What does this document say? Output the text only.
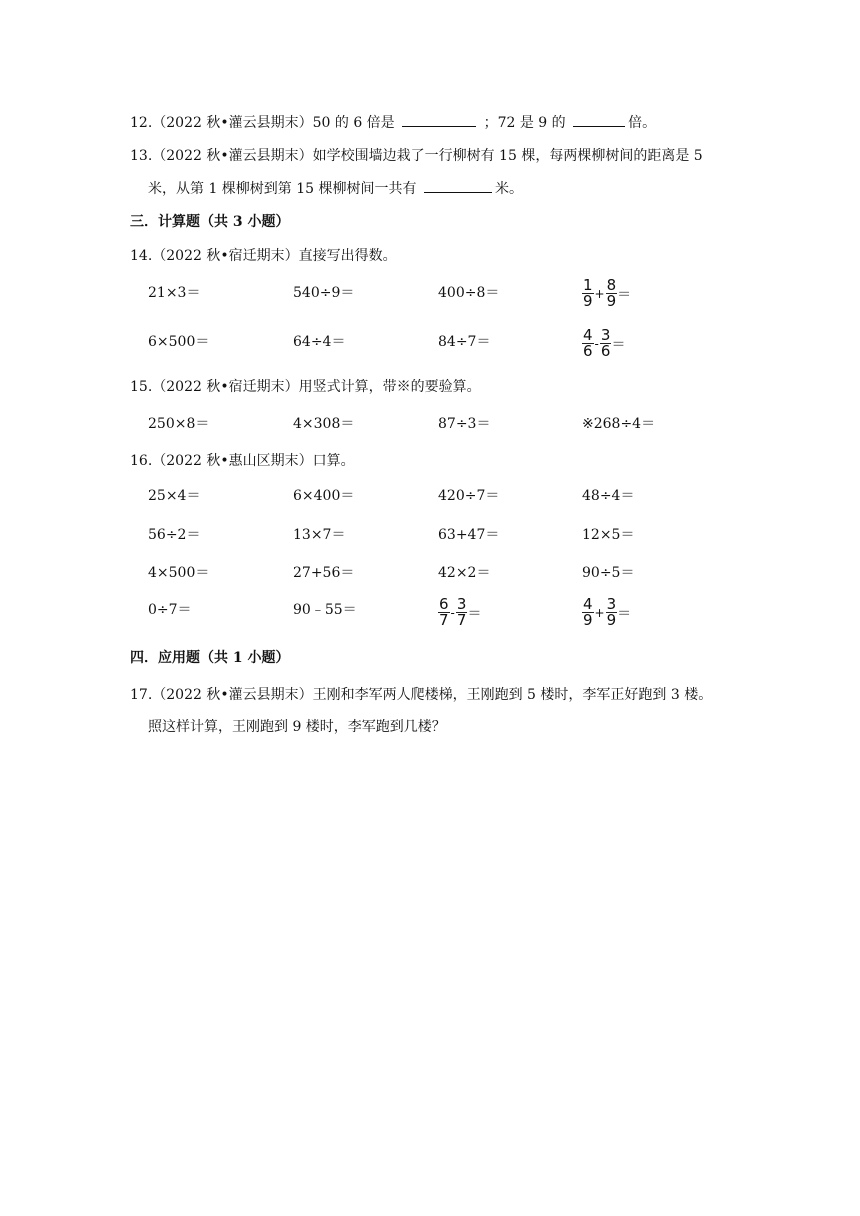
12.（2022 秋•灌云县期末）50 的 6 倍是	；72 是 9 的	倍。
13.（2022 秋•灌云县期末）如学校围墙边栽了一行柳树有 15 棵，每两棵柳树间的距离是 5
米，从第 1 棵柳树到第 15 棵柳树间一共有	米。
三．计算题（共 3 小题）
14.（2022 秋•宿迁期末）直接写出得数。
21×3＝	540÷9＝	400÷8＝	$\frac{1}{9} + \frac{8}{9}$ ＝
6×500＝	64÷4＝	84÷7＝	$\frac{4}{6} - \frac{3}{6}$ ＝
15.（2022 秋•宿迁期末）用竖式计算，带※的要验算。
250×8＝	4×308＝	87÷3＝	※268÷4＝
16.（2022 秋•惠山区期末）口算。
25×4＝	6×400＝	420÷7＝	48÷4＝
56÷2＝	13×7＝	63+47＝	12×5＝
4×500＝	27+56＝	42×2＝	90÷5＝
0÷7＝	90﹣55＝	$\frac{6}{7} - \frac{3}{7}$ ＝	$\frac{4}{9} + \frac{3}{9}$ ＝
四．应用题（共 1 小题）
17.（2022 秋•灌云县期末）王刚和李军两人爬楼梯，王刚跑到 5 楼时，李军正好跑到 3 楼。
照这样计算，王刚跑到 9 楼时，李军跑到几楼？
